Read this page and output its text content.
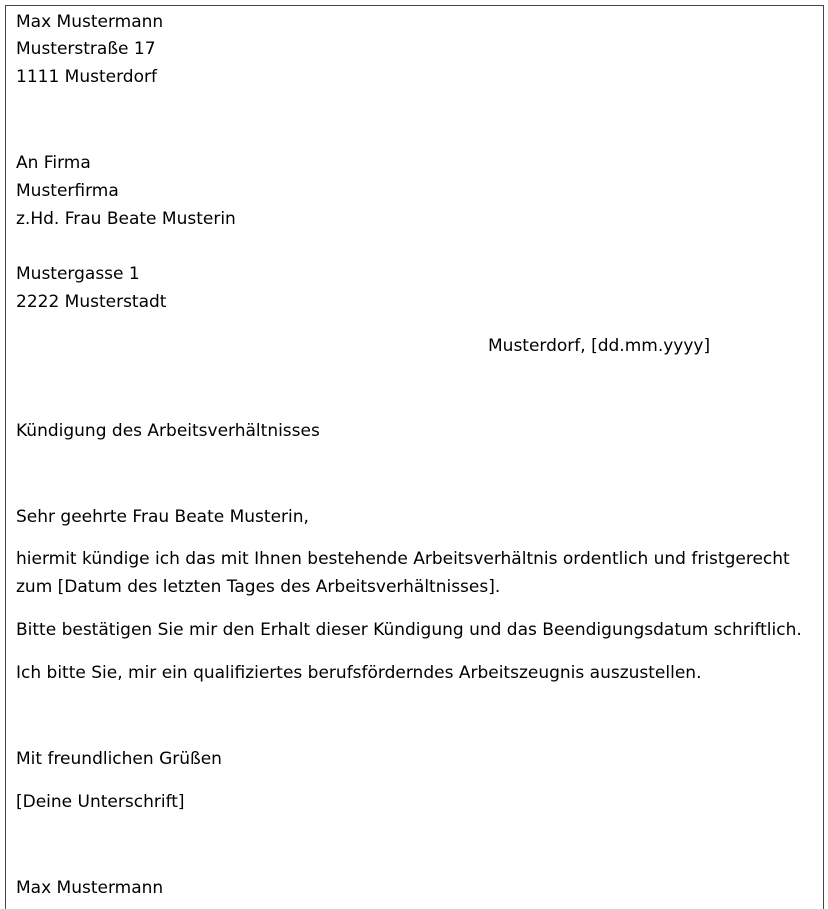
Max Mustermann
Musterstraße 17
1111 Musterdorf
An Firma
Musterfirma
z.Hd. Frau Beate Musterin
Mustergasse 1
2222 Musterstadt
Musterdorf, [dd.mm.yyyy]
Kündigung des Arbeitsverhältnisses
Sehr geehrte Frau Beate Musterin,
hiermit kündige ich das mit Ihnen bestehende Arbeitsverhältnis ordentlich und fristgerecht
zum [Datum des letzten Tages des Arbeitsverhältnisses].
Bitte bestätigen Sie mir den Erhalt dieser Kündigung und das Beendigungsdatum schriftlich.
Ich bitte Sie, mir ein qualifiziertes berufsförderndes Arbeitszeugnis auszustellen.
Mit freundlichen Grüßen
[Deine Unterschrift]
Max Mustermann
